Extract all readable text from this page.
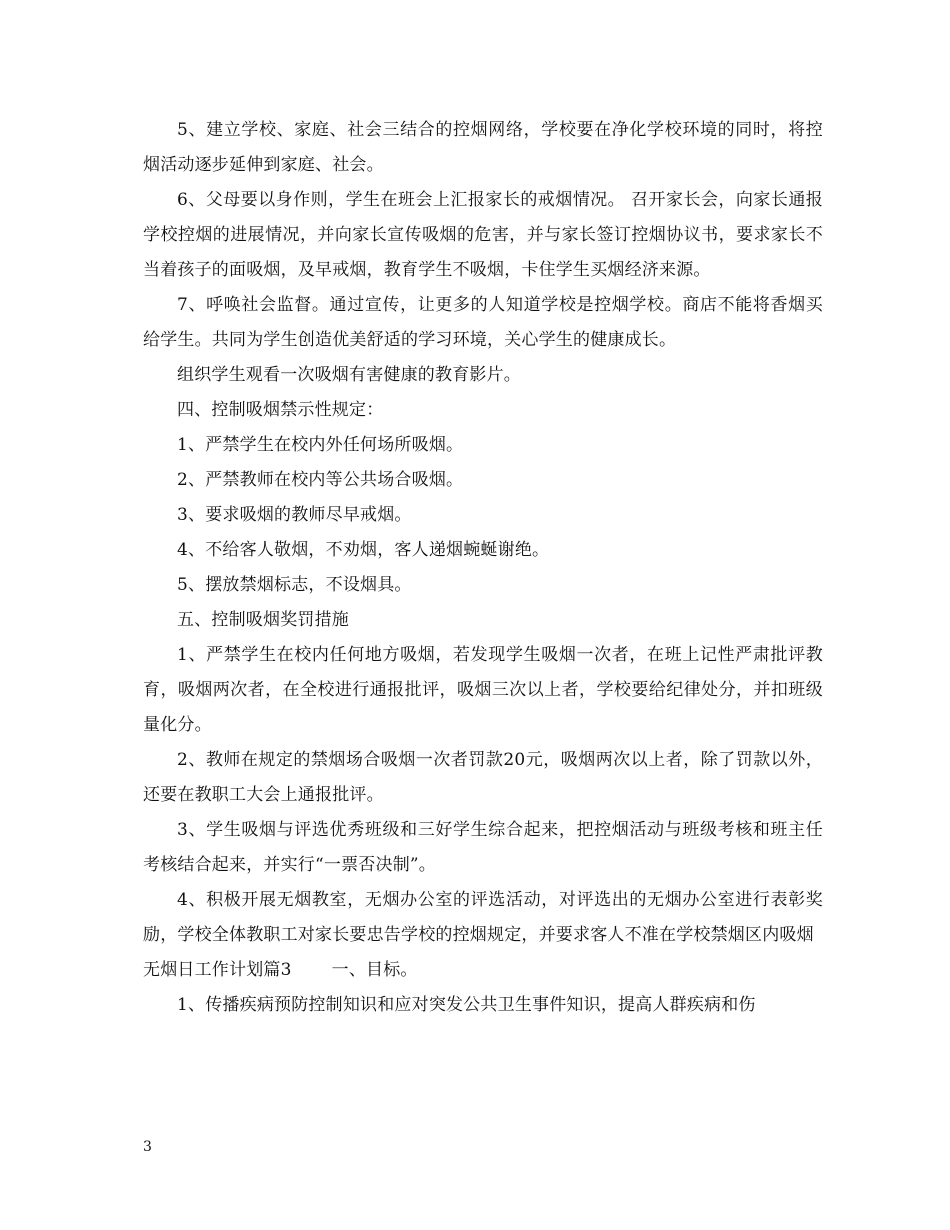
5、建立学校、家庭、社会三结合的控烟网络，学校要在净化学校环境的同时，将控烟活动逐步延伸到家庭、社会。

6、父母要以身作则，学生在班会上汇报家长的戒烟情况。 召开家长会，向家长通报学校控烟的进展情况，并向家长宣传吸烟的危害，并与家长签订控烟协议书，要求家长不当着孩子的面吸烟，及早戒烟，教育学生不吸烟，卡住学生买烟经济来源。

7、呼唤社会监督。通过宣传，让更多的人知道学校是控烟学校。商店不能将香烟买给学生。共同为学生创造优美舒适的学习环境，关心学生的健康成长。

组织学生观看一次吸烟有害健康的教育影片。

四、控制吸烟禁示性规定：

1、严禁学生在校内外任何场所吸烟。

2、严禁教师在校内等公共场合吸烟。

3、要求吸烟的教师尽早戒烟。

4、不给客人敬烟，不劝烟，客人递烟蜿蜒谢绝。

5、摆放禁烟标志，不设烟具。

五、控制吸烟奖罚措施

1、严禁学生在校内任何地方吸烟，若发现学生吸烟一次者，在班上记性严肃批评教育，吸烟两次者，在全校进行通报批评，吸烟三次以上者，学校要给纪律处分，并扣班级量化分。

2、教师在规定的禁烟场合吸烟一次者罚款20元，吸烟两次以上者，除了罚款以外，还要在教职工大会上通报批评。

3、学生吸烟与评选优秀班级和三好学生综合起来，把控烟活动与班级考核和班主任考核结合起来，并实行“一票否决制”。

4、积极开展无烟教室，无烟办公室的评选活动，对评选出的无烟办公室进行表彰奖励，学校全体教职工对家长要忠告学校的控烟规定，并要求客人不准在学校禁烟区内吸烟

无烟日工作计划篇3 一、目标。

1、传播疾病预防控制知识和应对突发公共卫生事件知识，提高人群疾病和伤

3
